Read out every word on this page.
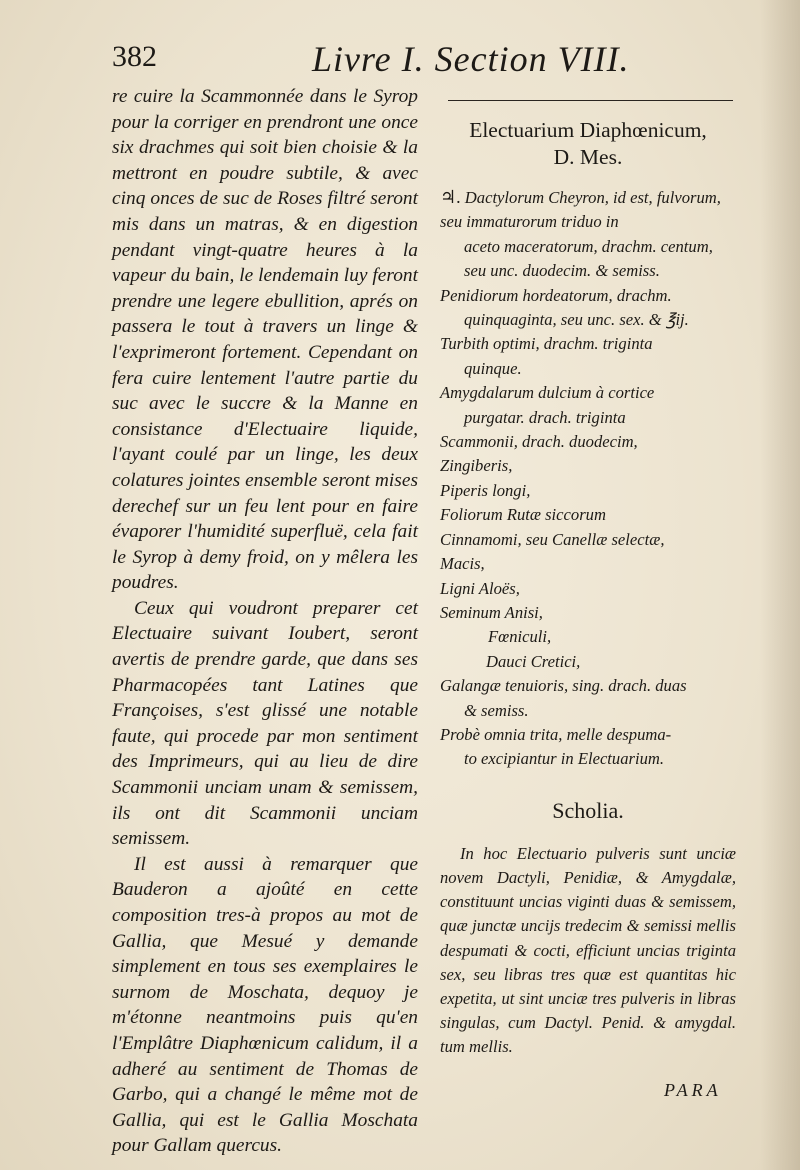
382	Livre I. Section VIII.

re cuire la Scammonnée dans le Syrop pour la corriger en prendront une once six drachmes qui soit bien choisie & la mettront en poudre subtile, & avec cinq onces de suc de Roses filtré seront mis dans un matras, & en digestion pendant vingt-quatre heures à la vapeur du bain, le lendemain luy feront prendre une legere ebullition, aprés on passera le tout à travers un linge & l'exprimeront fortement. Cependant on fera cuire lentement l'autre partie du suc avec le succre & la Manne en consistance d'Electuaire liquide, l'ayant coulé par un linge, les deux colatures jointes ensemble seront mises derechef sur un feu lent pour en faire évaporer l'humidité superfluë, cela fait le Syrop à demy froid, on y mêlera les poudres.

Ceux qui voudront preparer cet Electuaire suivant Ioubert, seront avertis de prendre garde, que dans ses Pharmacopées tant Latines que Françoises, s'est glissé une notable faute, qui procede par mon sentiment des Imprimeurs, qui au lieu de dire Scammonii unciam unam & semissem, ils ont dit Scammonii unciam semissem.

Il est aussi à remarquer que Bauderon a ajoûté en cette composition tres-à propos au mot de Gallia, que Mesué y demande simplement en tous ses exemplaires le surnom de Moschata, dequoy je m'étonne neantmoins puis qu'en l'Emplâtre Diaphœnicum calidum, il a adheré au sentiment de Thomas de Garbo, qui a changé le même mot de Gallia, qui est le Gallia Moschata pour Gallam quercus.

Electuarium Diaphœnicum,
D. Mes.

♃. Dactylorum Cheyron, id est, fulvorum, seu immaturorum triduo in
aceto maceratorum, drachm. centum, seu unc. duodecim. & semiss.

Penidiorum hordeatorum, drachm.
quinquaginta, seu unc. sex. & ℥ij.

Turbith optimi, drachm. triginta
quinque.

Amygdalarum dulcium à cortice
purgatar. drach. triginta

Scammonii, drach. duodecim,

Zingiberis,

Piperis longi,

Foliorum Rutæ siccorum

Cinnamomi, seu Canellæ selectæ,

Macis,

Ligni Aloës,

Seminum Anisi,

Fœniculi,

Dauci Cretici,

Galangæ tenuioris, sing. drach. duas
& semiss.

Probè omnia trita, melle despuma-
to excipiantur in Electuarium.

Scholia.

In hoc Electuario pulveris sunt unciæ novem Dactyli, Penidiæ, & Amygdalæ, constituunt uncias viginti duas & semissem, quæ junctæ uncijs tredecim & semissi mellis despumati & cocti, efficiunt uncias triginta sex, seu libras tres quæ est quantitas hic expetita, ut sint unciæ tres pulveris in libras singulas, cum Dactyl. Penid. & amygdal. tum mellis.

PARA
